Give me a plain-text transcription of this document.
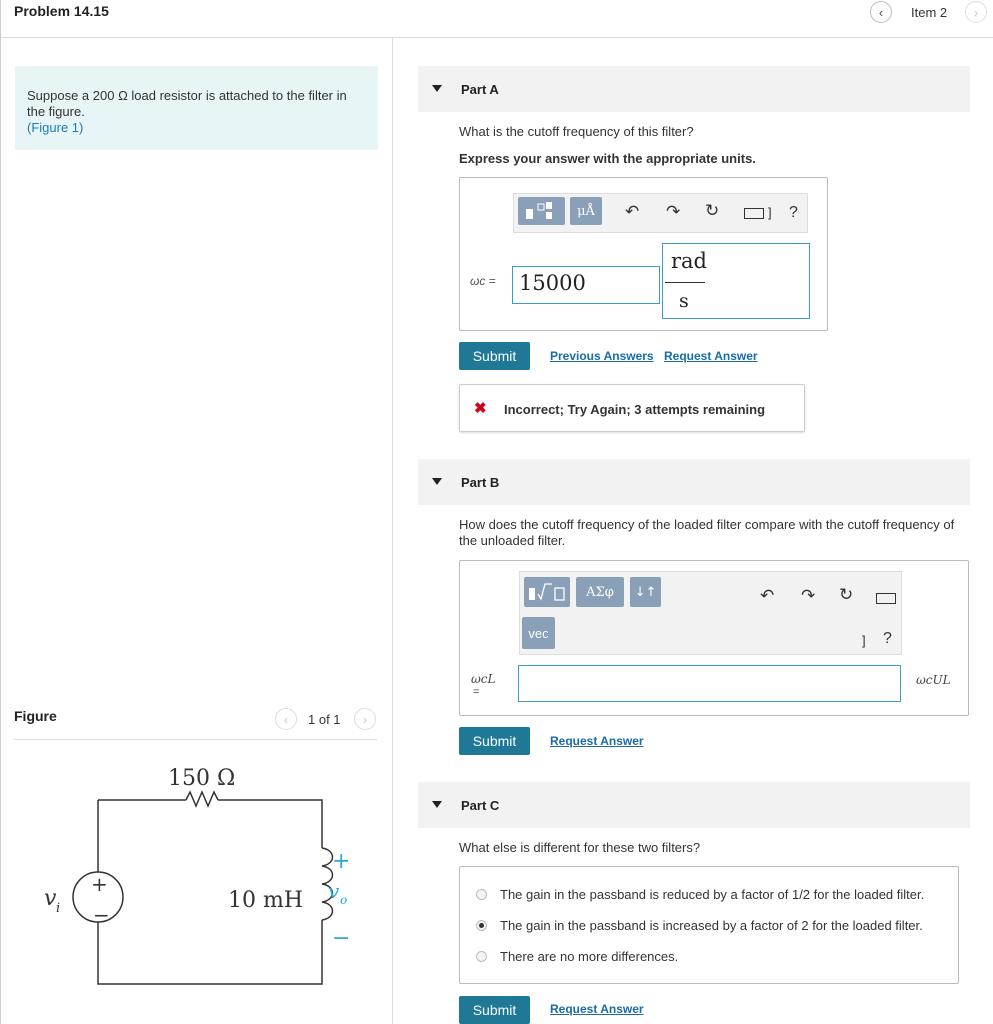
Problem 14.15	‹ Item 2 ›
Suppose a 200 Ω load resistor is attached to the filter in
the figure.
(Figure 1)
Figure	‹ 1 of 1 ›
150 Ω
10 mH
+
−
v i
+
v o
−
Part A
What is the cutoff frequency of this filter?
Express your answer with the appropriate units.
μÅ	↶ ↷ ↻	] ?
ωc =	15000
rad
s
Submit	Previous Answers Request Answer
✖ Incorrect; Try Again; 3 attempts remaining
Part B
How does the cutoff frequency of the loaded filter compare with the cutoff frequency of
the unloaded filter.
ΑΣφ	↓↑
vec
↶ ↷ ↻
] ?
ωcL
=
ωcUL
Submit	Request Answer
Part C
What else is different for these two filters?
The gain in the passband is reduced by a factor of 1/2 for the loaded filter.
The gain in the passband is increased by a factor of 2 for the loaded filter.
There are no more differences.
Submit	Request Answer
